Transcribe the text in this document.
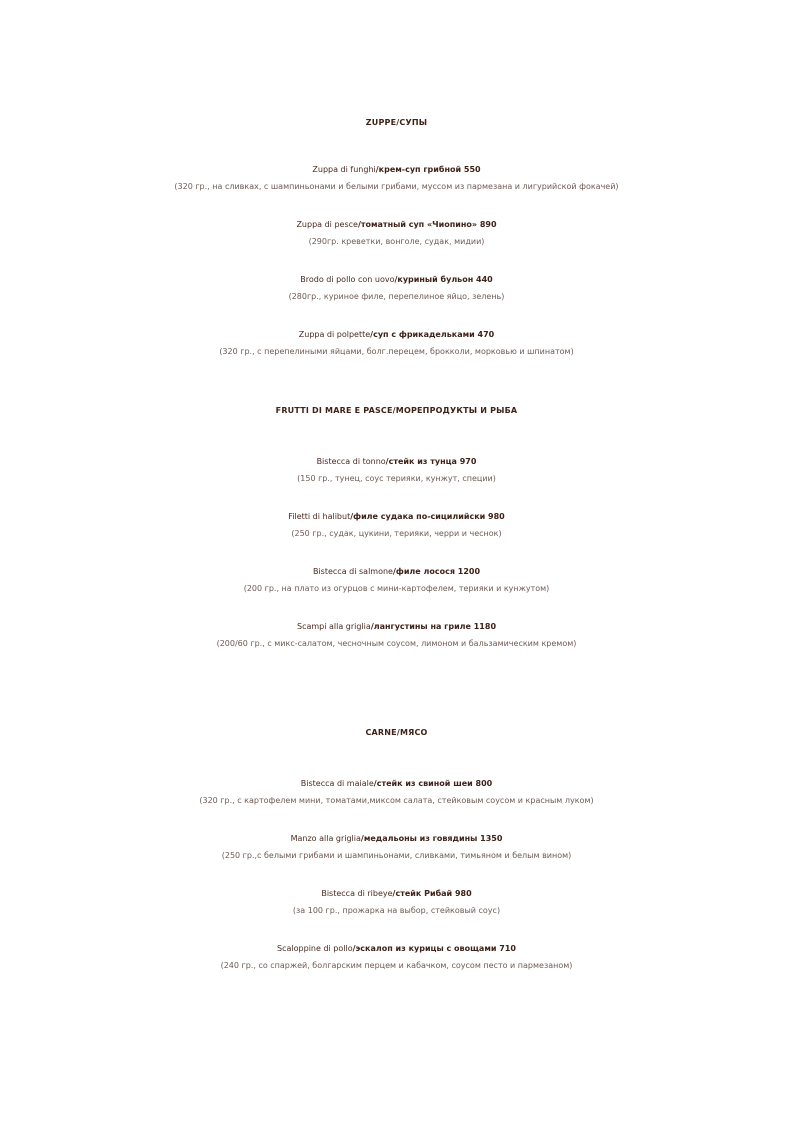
ZUPPE/СУПЫ
Zuppa di funghi/крем-суп грибной 550
(320 гр., на сливках, с шампиньонами и белыми грибами, муссом из пармезана и лигурийской фокачей)
Zuppa di pesce/томатный суп «Чиопино» 890
(290гр. креветки, вонголе, судак, мидии)
Brodo di pollo con uovo/куриный бульон 440
(280гр., куриное филе, перепелиное яйцо, зелень)
Zuppa di polpette/суп с фрикадельками 470
(320 гр., с перепелиными яйцами, болг.перецем, брокколи, морковью и шпинатом)
FRUTTI DI MARE E PASCE/МОРЕПРОДУКТЫ И РЫБА
Bistecca di tonno/стейк из тунца 970
(150 гр., тунец, соус терияки, кунжут, специи)
Filetti di halibut/филе судака по-сицилийски 980
(250 гр., судак, цукини, терияки, черри и чеснок)
Bistecca di salmone/филе лосося 1200
(200 гр., на плато из огурцов с мини-картофелем, терияки и кунжутом)
Scampi alla griglia/лангустины на гриле 1180
(200/60 гр., с микс-салатом, чесночным соусом, лимоном и бальзамическим кремом)
CARNE/МЯСО
Bistecca di maiale/стейк из свиной шеи 800
(320 гр., с картофелем мини, томатами,миксом салата, стейковым соусом и красным луком)
Manzo alla griglia/медальоны из говядины 1350
(250 гр.,с белыми грибами и шампиньонами, сливками, тимьяном и белым вином)
Bistecca di ribeye/стейк Рибай 980
(за 100 гр., прожарка на выбор, стейковый соус)
Scaloppine di pollo/эскалоп из курицы с овощами 710
(240 гр., со спаржей, болгарским перцем и кабачком, соусом песто и пармезаном)
